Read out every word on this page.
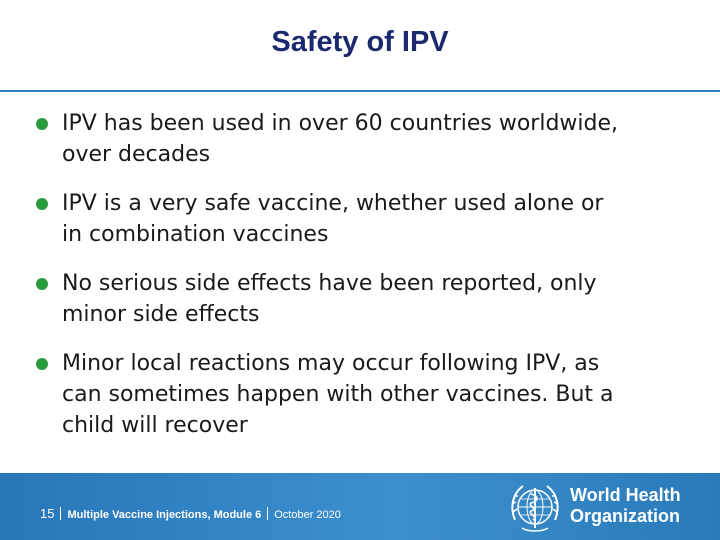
Safety of IPV
IPV has been used in over 60 countries worldwide,
over decades
IPV is a very safe vaccine, whether used alone or
in combination vaccines
No serious side effects have been reported, only
minor side effects
Minor local reactions may occur following IPV, as
can sometimes happen with other vaccines. But a
child will recover
15 Multiple Vaccine Injections, Module 6 October 2020
World Health
Organization
